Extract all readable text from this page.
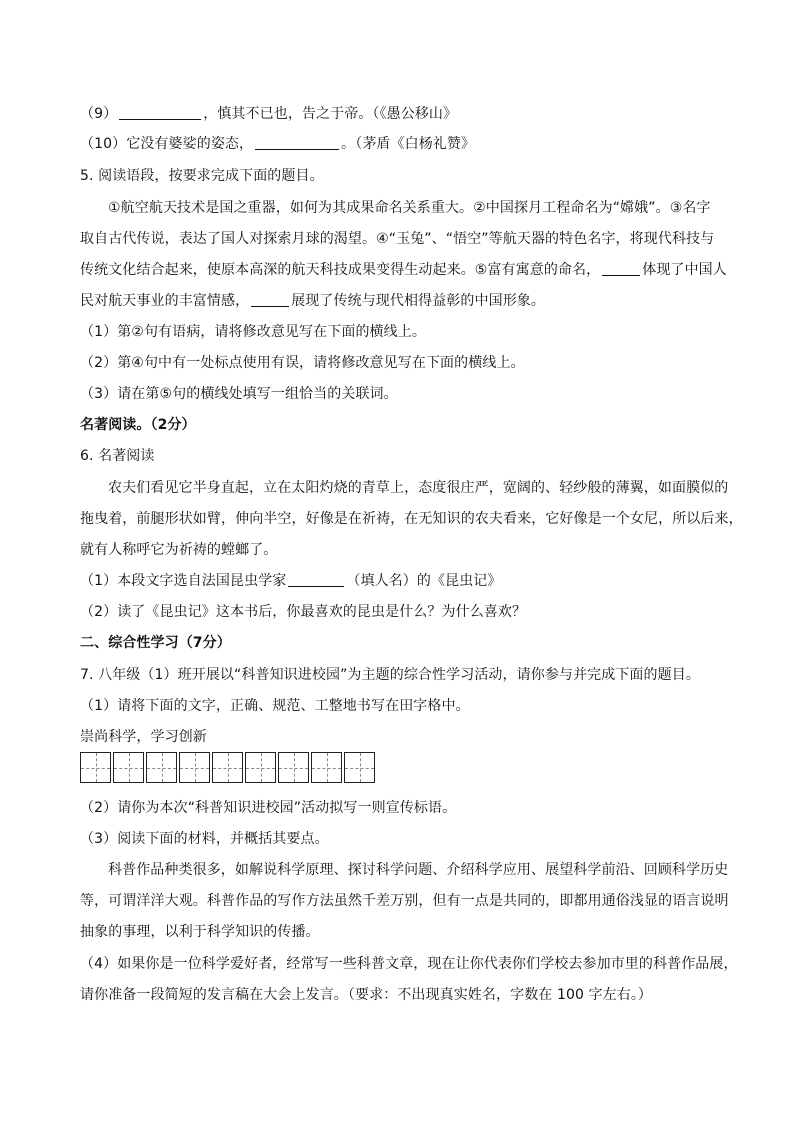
（9）	，慎其不已也，告之于帝。（《愚公移山》
（10）它没有婆娑的姿态，	。（茅盾《白杨礼赞》
5. 阅读语段，按要求完成下面的题目。
①航空航天技术是国之重器，如何为其成果命名关系重大。②中国探月工程命名为“嫦娥”。③名字
取自古代传说，表达了国人对探索月球的渴望。④“玉兔”、“悟空”等航天器的特色名字，将现代科技与
传统文化结合起来，使原本高深的航天科技成果变得生动起来。⑤富有寓意的命名，	体现了中国人
民对航天事业的丰富情感，	展现了传统与现代相得益彰的中国形象。
（1）第②句有语病，请将修改意见写在下面的横线上。
（2）第④句中有一处标点使用有误，请将修改意见写在下面的横线上。
（3）请在第⑤句的横线处填写一组恰当的关联词。
名著阅读。（2分）
6. 名著阅读
农夫们看见它半身直起，立在太阳灼烧的青草上，态度很庄严，宽阔的、轻纱般的薄翼，如面膜似的
拖曳着，前腿形状如臂，伸向半空，好像是在祈祷，在无知识的农夫看来，它好像是一个女尼，所以后来，
就有人称呼它为祈祷的螳螂了。
（1）本段文字选自法国昆虫学家	（填人名）的《昆虫记》
（2）读了《昆虫记》这本书后，你最喜欢的昆虫是什么？为什么喜欢？
二、综合性学习（7分）
7. 八年级（1）班开展以“科普知识进校园”为主题的综合性学习活动，请你参与并完成下面的题目。
（1）请将下面的文字，正确、规范、工整地书写在田字格中。
崇尚科学，学习创新
（2）请你为本次“科普知识进校园”活动拟写一则宣传标语。
（3）阅读下面的材料，并概括其要点。
科普作品种类很多，如解说科学原理、探讨科学问题、介绍科学应用、展望科学前沿、回顾科学历史
等，可谓洋洋大观。科普作品的写作方法虽然千差万别，但有一点是共同的，即都用通俗浅显的语言说明
抽象的事理，以利于科学知识的传播。
（4）如果你是一位科学爱好者，经常写一些科普文章，现在让你代表你们学校去参加市里的科普作品展，
请你准备一段简短的发言稿在大会上发言。（要求：不出现真实姓名，字数在 100 字左右。）
